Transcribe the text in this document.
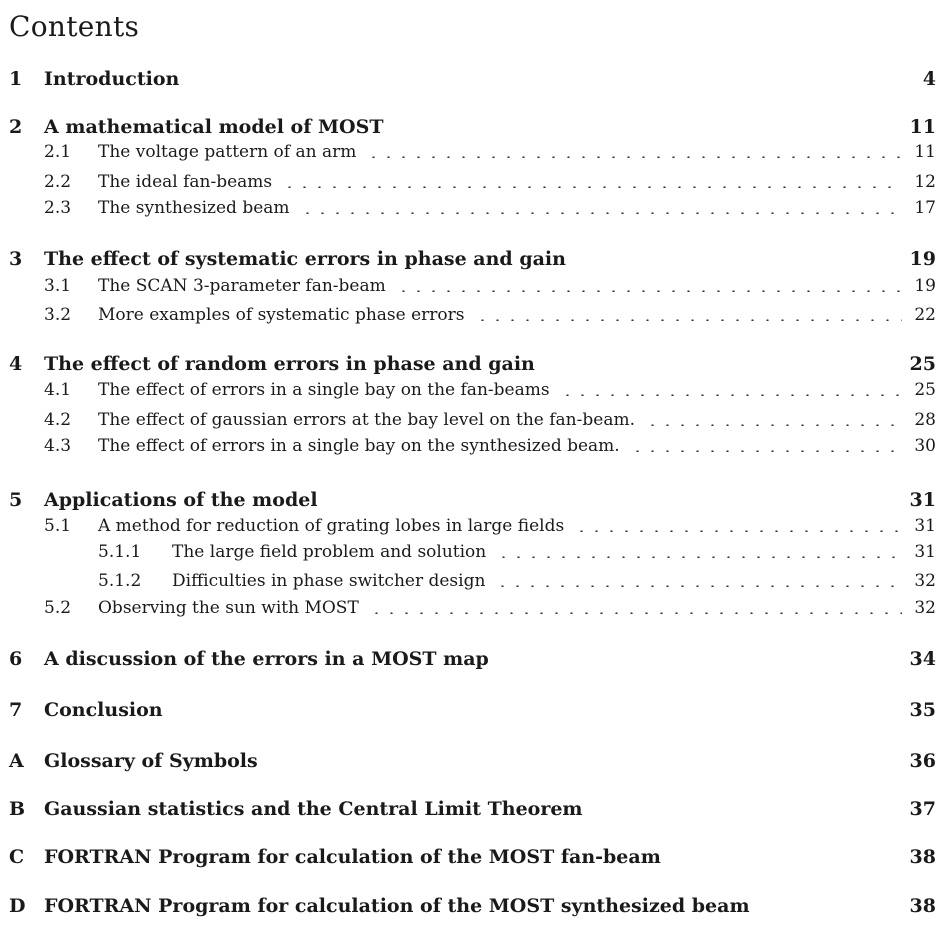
Contents
1 Introduction	4
2 A mathematical model of MOST	11
2.1 The voltage pattern of an arm	11
2.2 The ideal fan-beams	12
2.3 The synthesized beam	17
3 The effect of systematic errors in phase and gain	19
3.1 The SCAN 3-parameter fan-beam	19
3.2 More examples of systematic phase errors	22
4 The effect of random errors in phase and gain	25
4.1 The effect of errors in a single bay on the fan-beams	25
4.2 The effect of gaussian errors at the bay level on the fan-beam.	28
4.3 The effect of errors in a single bay on the synthesized beam.	30
5 Applications of the model	31
5.1 A method for reduction of grating lobes in large fields	31
5.1.1 The large field problem and solution	31
5.1.2 Difficulties in phase switcher design	32
5.2 Observing the sun with MOST	32
6 A discussion of the errors in a MOST map	34
7 Conclusion	35
A Glossary of Symbols	36
B Gaussian statistics and the Central Limit Theorem	37
C FORTRAN Program for calculation of the MOST fan-beam	38
D FORTRAN Program for calculation of the MOST synthesized beam	38
